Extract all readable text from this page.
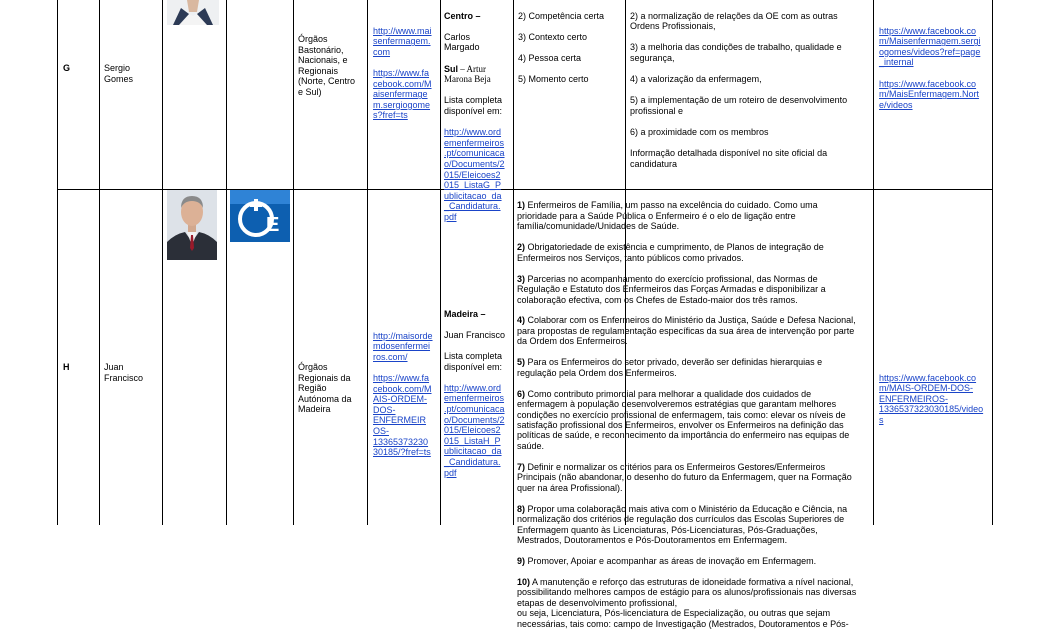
G	Sergio
Gomes
Órgãos
Bastonário,
Nacionais, e
Regionais
(Norte, Centro
e Sul)

http://www.mai
senfermagem.
com

https://www.fa
cebook.com/M
aisenfermage
m.sergiogome
s?fref=ts

Centro –

Carlos
Margado

Sul – Artur
Marona Beja

Lista completa
disponível em:

http://www.ord
emenfermeiros
.pt/comunicaca
o/Documents/2
015/Eleicoes2
015_ListaG_P
ublicitacao_da
_Candidatura.
pdf

2) Competência certa

3) Contexto certo

4) Pessoa certa

5) Momento certo

2) a normalização de relações da OE com as outras
Ordens Profissionais,

3) a melhoria das condições de trabalho, qualidade e
segurança,

4) a valorização da enfermagem,

5) a implementação de um roteiro de desenvolvimento
profissional e

6) a proximidade com os membros

Informação detalhada disponível no site oficial da
candidatura

https://www.facebook.co
m/Maisenfermagem.sergi
ogomes/videos?ref=page
_internal

https://www.facebook.co
m/MaisEnfermagem.Nort
e/videos

H	Juan
Francisco
E
Órgãos
Regionais da
Região
Autónoma da
Madeira

http://maisorde
mdosenfermei
ros.com/

https://www.fa
cebook.com/M
AIS-ORDEM-
DOS-
ENFERMEIR
OS-
13365373230
30185/?fref=ts

Madeira –

Juan Francisco

Lista completa
disponível em:

http://www.ord
emenfermeiros
.pt/comunicaca
o/Documents/2
015/Eleicoes2
015_ListaH_P
ublicitacao_da
_Candidatura.
pdf

1) Enfermeiros de Família, um passo na excelência do cuidado. Como uma
prioridade para a Saúde Pública o Enfermeiro é o elo de ligação entre
família/comunidade/Unidades de Saúde.

2) Obrigatoriedade de existência e cumprimento, de Planos de integração de
Enfermeiros nos Serviços, tanto públicos como privados.

3) Parcerias no acompanhamento do exercício profissional, das Normas de
Regulação e Estatuto dos Enfermeiros das Forças Armadas e disponibilizar a
colaboração efectiva, com os Chefes de Estado-maior dos três ramos.

4) Colaborar com os Enfermeiros do Ministério da Justiça, Saúde e Defesa Nacional,
para propostas de regulamentação específicas da sua área de intervenção por parte
da Ordem dos Enfermeiros.

5) Para os Enfermeiros do setor privado, deverão ser definidas hierarquias e
regulação pela Ordem dos Enfermeiros.

6) Como contributo primordial para melhorar a qualidade dos cuidados de
enfermagem à população desenvolveremos estratégias que garantam melhores
condições no exercício profissional de enfermagem, tais como: elevar os níveis de
satisfação profissional dos Enfermeiros, envolver os Enfermeiros na definição das
políticas de saúde, e reconhecimento da importância do enfermeiro nas equipas de
saúde.

7) Definir e normalizar os critérios para os Enfermeiros Gestores/Enfermeiros
Principais (não abandonar, o desenho do futuro da Enfermagem, quer na Formação
quer na área Profissional).

8) Propor uma colaboração mais ativa com o Ministério da Educação e Ciência, na
normalização dos critérios de regulação dos currículos das Escolas Superiores de
Enfermagem quanto às Licenciaturas, Pós-Licenciaturas, Pós-Graduações,
Mestrados, Doutoramentos e Pós-Doutoramentos em Enfermagem.

9) Promover, Apoiar e acompanhar as áreas de inovação em Enfermagem.

10) A manutenção e reforço das estruturas de idoneidade formativa a nível nacional,
possibilitando melhores campos de estágio para os alunos/profissionais nas diversas
etapas de desenvolvimento profissional,
ou seja, Licenciatura, Pós-licenciatura de Especialização, ou outras que sejam
necessárias, tais como: campo de Investigação (Mestrados, Doutoramentos e Pós-

https://www.facebook.co
m/MAIS-ORDEM-DOS-
ENFERMEIROS-
1336537323030185/video
s
